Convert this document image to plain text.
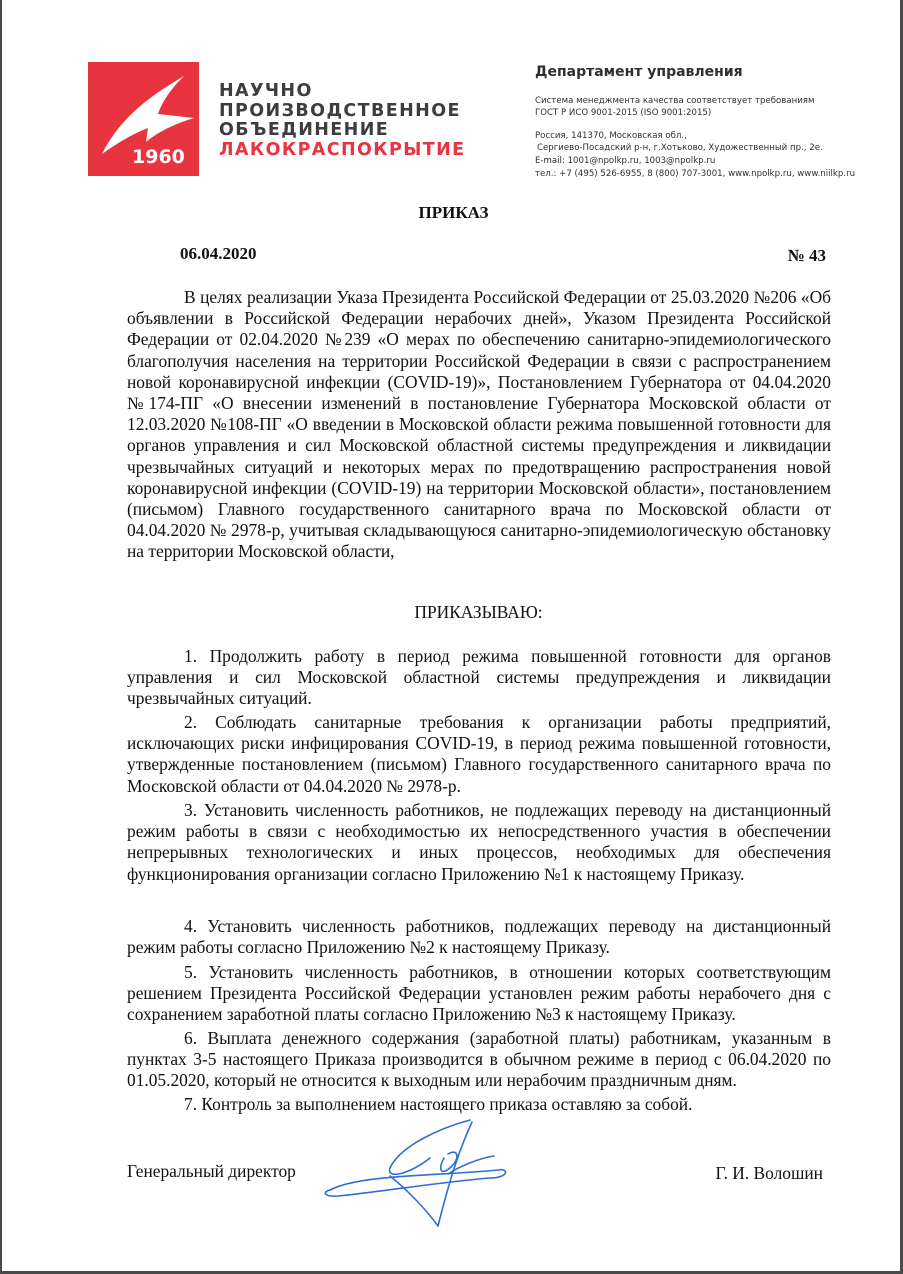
1960
НАУЧНО
ПРОИЗВОДСТВЕННОЕ
ОБЪЕДИНЕНИЕ
ЛАКОКРАСПОКРЫТИЕ
Департамент управления
Система менеджмента качества соответствует требованиям
ГОСТ Р ИСО 9001-2015 (ISO 9001:2015)
Россия, 141370, Московская обл.,
Сергиево-Посадский р-н, г.Хотьково, Художественный пр., 2е.
E-mail: 1001@npolkp.ru, 1003@npolkp.ru
тел.: +7 (495) 526-6955, 8 (800) 707-3001, www.npolkp.ru, www.niilkp.ru
ПРИКАЗ
06.04.2020	№ 43
В целях реализации Указа Президента Российской Федерации от 25.03.2020 №206 «Об объявлении в Российской Федерации нерабочих дней», Указом Президента Российской Федерации от 02.04.2020 №239 «О мерах по обеспечению санитарно-эпидемиологического благополучия населения на территории Российской Федерации в связи с распространением новой коронавирусной инфекции (COVID-19)», Постановлением Губернатора от 04.04.2020 №174-ПГ «О внесении изменений в постановление Губернатора Московской области от 12.03.2020 №108-ПГ «О введении в Московской области режима повышенной готовности для органов управления и сил Московской областной системы предупреждения и ликвидации чрезвычайных ситуаций и некоторых мерах по предотвращению распространения новой коронавирусной инфекции (COVID-19) на территории Московской области», постановлением (письмом) Главного государственного санитарного врача по Московской области от 04.04.2020 № 2978-р, учитывая складывающуюся санитарно-эпидемиологическую обстановку на территории Московской области,
ПРИКАЗЫВАЮ:
1. Продолжить работу в период режима повышенной готовности для органов управления и сил Московской областной системы предупреждения и ликвидации чрезвычайных ситуаций.
2. Соблюдать санитарные требования к организации работы предприятий, исключающих риски инфицирования COVID-19, в период режима повышенной готовности, утвержденные постановлением (письмом) Главного государственного санитарного врача по Московской области от 04.04.2020 № 2978-р.
3. Установить численность работников, не подлежащих переводу на дистанционный режим работы в связи с необходимостью их непосредственного участия в обеспечении непрерывных технологических и иных процессов, необходимых для обеспечения функционирования организации согласно Приложению №1 к настоящему Приказу.
4. Установить численность работников, подлежащих переводу на дистанционный режим работы согласно Приложению №2 к настоящему Приказу.
5. Установить численность работников, в отношении которых соответствующим решением Президента Российской Федерации установлен режим работы нерабочего дня с сохранением заработной платы согласно Приложению №3 к настоящему Приказу.
6. Выплата денежного содержания (заработной платы) работникам, указанным в пунктах 3-5 настоящего Приказа производится в обычном режиме в период с 06.04.2020 по 01.05.2020, который не относится к выходным или нерабочим праздничным дням.
7. Контроль за выполнением настоящего приказа оставляю за собой.
Генеральный директор	Г. И. Волошин
